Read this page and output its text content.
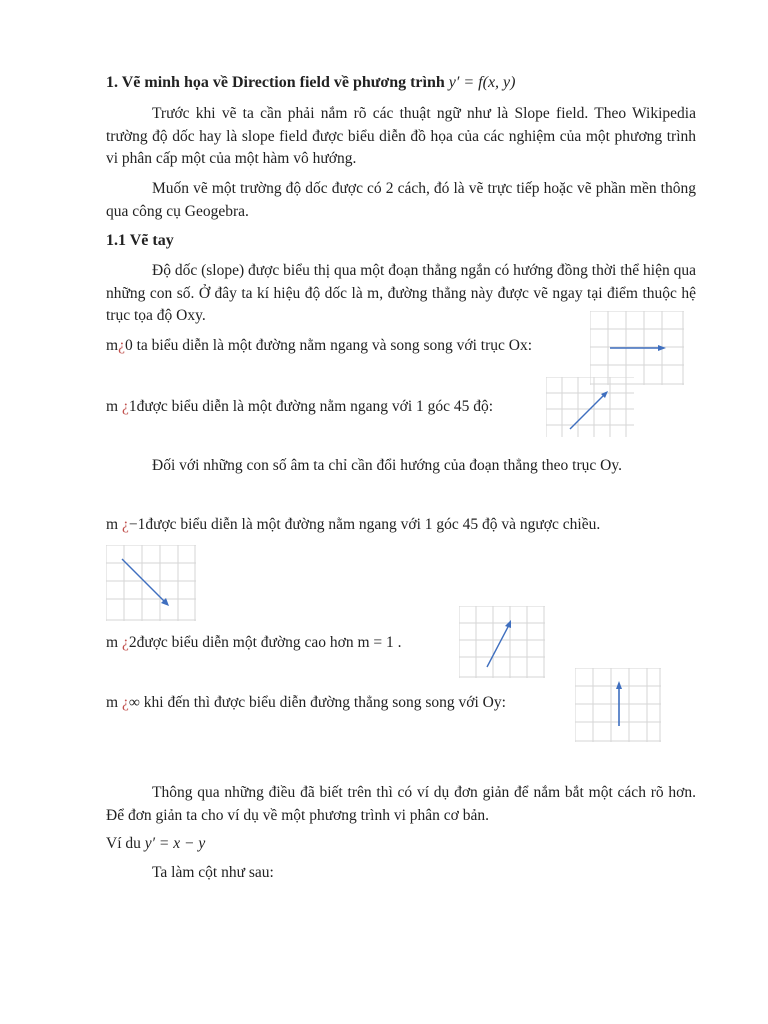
1. Vẽ minh họa về Direction field về phương trình y′ = f(x, y)
Trước khi vẽ ta cần phải nắm rõ các thuật ngữ như là Slope field. Theo Wikipedia trường độ dốc hay là slope field được biểu diễn đồ họa của các nghiệm của một phương trình vi phân cấp một của một hàm vô hướng.
Muốn vẽ một trường độ dốc được có 2 cách, đó là vẽ trực tiếp hoặc vẽ phần mền thông qua công cụ Geogebra.
1.1 Vẽ tay
Độ dốc (slope) được biểu thị qua một đoạn thẳng ngắn có hướng đồng thời thể hiện qua những con số. Ở đây ta kí hiệu độ dốc là m, đường thẳng này được vẽ ngay tại điểm thuộc hệ trục tọa độ Oxy.
m¿0 ta biểu diễn là một đường nằm ngang và song song với trục Ox:
m ¿1được biểu diễn là một đường nằm ngang với 1 góc 45 độ:
Đối với những con số âm ta chỉ cần đổi hướng của đoạn thẳng theo trục Oy.
m ¿−1được biểu diễn là một đường nằm ngang với 1 góc 45 độ và ngược chiều.
m ¿2được biểu diễn một đường cao hơn m = 1 .
m ¿∞ khi đến thì được biểu diễn đường thẳng song song với Oy:
Thông qua những điều đã biết trên thì có ví dụ đơn giản để nắm bắt một cách rõ hơn. Để đơn giản ta cho ví dụ về một phương trình vi phân cơ bản.
Ví du y′ = x − y
Ta làm cột như sau:
